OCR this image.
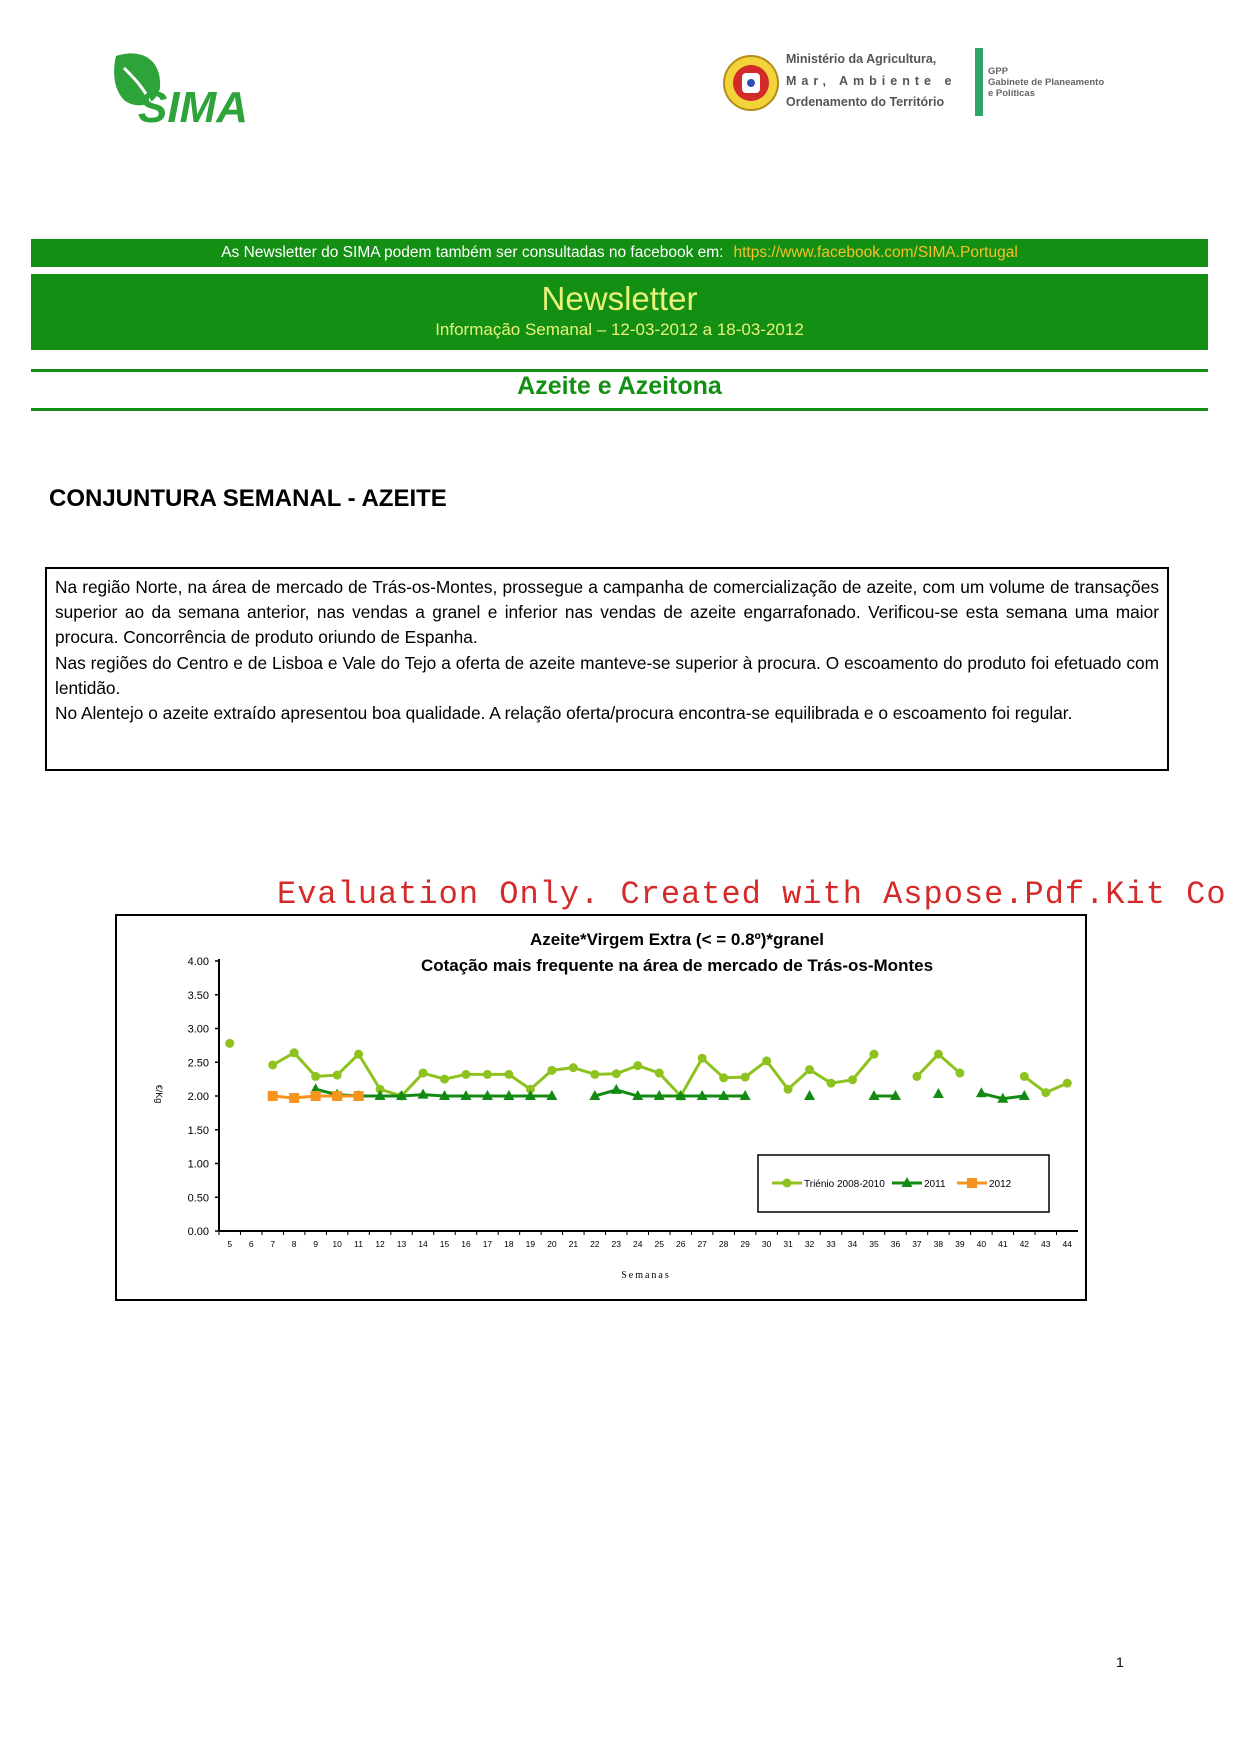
SIMA
Ministério da Agricultura,
Mar, Ambiente e
Ordenamento do Território
GPP
Gabinete de Planeamento
e Políticas
As Newsletter do SIMA podem também ser consultadas no facebook em: https://www.facebook.com/SIMA.Portugal
Newsletter
Informação Semanal – 12-03-2012 a 18-03-2012
Azeite e Azeitona
CONJUNTURA SEMANAL - AZEITE

Na região Norte, na área de mercado de Trás-os-Montes, prossegue a campanha de comercialização de azeite, com um volume de transações superior ao da semana anterior, nas vendas a granel e inferior nas vendas de azeite engarrafonado. Verificou-se esta semana uma maior procura. Concorrência de produto oriundo de Espanha.

Nas regiões do Centro e de Lisboa e Vale do Tejo a oferta de azeite manteve-se superior à procura. O escoamento do produto foi efetuado com lentidão.

No Alentejo o azeite extraído apresentou boa qualidade. A relação oferta/procura encontra-se equilibrada e o escoamento foi regular.

Evaluation Only. Created with Aspose.Pdf.Kit Co
Azeite*Virgem Extra (< = 0.8º)*granel
Cotação mais frequente na área de mercado de Trás-os-Montes
Semanas
€/Kg
0.00
0.50
1.00
1.50
2.00
2.50
3.00
3.50
4.00
5 6 7 8 9 10 11 12 13 14 15 16 17 18 19 20 21 22 23 24 25 26 27 28 29 30 31 32 33 34 35 36 37 38 39 40 41 42 43 44
Triénio 2008-2010	2011	2012
1
